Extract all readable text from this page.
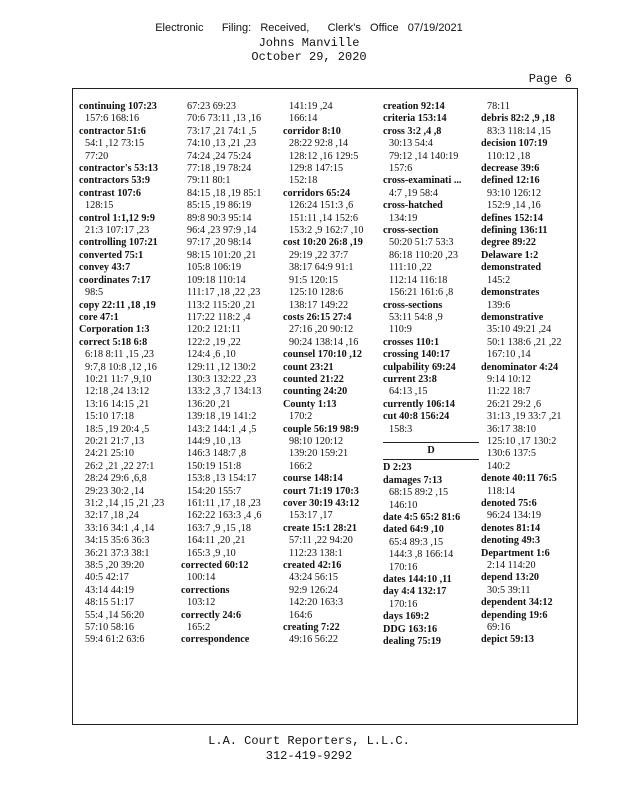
Electronic      Filing:   Received,      Clerk's   Office   07/19/2021
Johns Manville
October 29, 2020
Page 6
continuing 107:23
157:6 168:16
contractor 51:6
54:1 ,12 73:15
77:20
contractor's 53:13
contractors 53:9
contrast 107:6
128:15
control 1:1,12 9:9
21:3 107:17 ,23
controlling 107:21
converted 75:1
convey 43:7
coordinates 7:17
98:5
copy 22:11 ,18 ,19
core 47:1
Corporation 1:3
correct 5:18 6:8
6:18 8:11 ,15 ,23
9:7,8 10:8 ,12 ,16
10:21 11:7 ,9,10
12:18 ,24 13:12
13:16 14:15 ,21
15:10 17:18
18:5 ,19 20:4 ,5
20:21 21:7 ,13
24:21 25:10
26:2 ,21 ,22 27:1
28:24 29:6 ,6,8
29:23 30:2 ,14
31:2 ,14 ,15 ,21 ,23
32:17 ,18 ,24
33:16 34:1 ,4 ,14
34:15 35:6 36:3
36:21 37:3 38:1
38:5 ,20 39:20
40:5 42:17
43:14 44:19
48:15 51:17
55:4 ,14 56:20
57:10 58:16
59:4 61:2 63:6
67:23 69:23
70:6 73:11 ,13 ,16
73:17 ,21 74:1 ,5
74:10 ,13 ,21 ,23
74:24 ,24 75:24
77:18 ,19 78:24
79:11 80:1
84:15 ,18 ,19 85:1
85:15 ,19 86:19
89:8 90:3 95:14
96:4 ,23 97:9 ,14
97:17 ,20 98:14
98:15 101:20 ,21
105:8 106:19
109:18 110:14
111:17 ,18 ,22 ,23
113:2 115:20 ,21
117:22 118:2 ,4
120:2 121:11
122:2 ,19 ,22
124:4 ,6 ,10
129:11 ,12 130:2
130:3 132:22 ,23
133:2 ,3 ,7 134:13
136:20 ,21
139:18 ,19 141:2
143:2 144:1 ,4 ,5
144:9 ,10 ,13
146:3 148:7 ,8
150:19 151:8
153:8 ,13 154:17
154:20 155:7
161:11 ,17 ,18 ,23
162:22 163:3 ,4 ,6
163:7 ,9 ,15 ,18
164:11 ,20 ,21
165:3 ,9 ,10
corrected 60:12
100:14
corrections
103:12
correctly 24:6
165:2
correspondence
141:19 ,24
166:14
corridor 8:10
28:22 92:8 ,14
128:12 ,16 129:5
129:8 147:15
152:18
corridors 65:24
126:24 151:3 ,6
151:11 ,14 152:6
153:2 ,9 162:7 ,10
cost 10:20 26:8 ,19
29:19 ,22 37:7
38:17 64:9 91:1
91:5 120:15
125:10 128:6
138:17 149:22
costs 26:15 27:4
27:16 ,20 90:12
90:24 138:14 ,16
counsel 170:10 ,12
count 23:21
counted 21:22
counting 24:20
County 1:13
170:2
couple 56:19 98:9
98:10 120:12
139:20 159:21
166:2
course 148:14
court 71:19 170:3
cover 30:19 43:12
153:17 ,17
create 15:1 28:21
57:11 ,22 94:20
112:23 138:1
created 42:16
43:24 56:15
92:9 126:24
142:20 163:3
164:6
creating 7:22
49:16 56:22
creation 92:14
criteria 153:14
cross 3:2 ,4 ,8
30:13 54:4
79:12 ,14 140:19
157:6
cross-examinati ...
4:7 ,19 58:4
cross-hatched
134:19
cross-section
50:20 51:7 53:3
86:18 110:20 ,23
111:10 ,22
112:14 116:18
156:21 161:6 ,8
cross-sections
53:11 54:8 ,9
110:9
crosses 110:1
crossing 140:17
culpability 69:24
current 23:8
64:13 ,15
currently 106:14
cut 40:8 156:24
158:3
D
D 2:23
damages 7:13
68:15 89:2 ,15
146:10
date 4:5 65:2 81:6
dated 64:9 ,10
65:4 89:3 ,15
144:3 ,8 166:14
170:16
dates 144:10 ,11
day 4:4 132:17
170:16
days 169:2
DDG 163:16
dealing 75:19
78:11
debris 82:2 ,9 ,18
83:3 118:14 ,15
decision 107:19
110:12 ,18
decrease 39:6
defined 12:16
93:10 126:12
152:9 ,14 ,16
defines 152:14
defining 136:11
degree 89:22
Delaware 1:2
demonstrated
145:2
demonstrates
139:6
demonstrative
35:10 49:21 ,24
50:1 138:6 ,21 ,22
167:10 ,14
denominator 4:24
9:14 10:12
11:22 18:7
26:21 29:2 ,6
31:13 ,19 33:7 ,21
36:17 38:10
125:10 ,17 130:2
130:6 137:5
140:2
denote 40:11 76:5
118:14
denoted 75:6
96:24 134:19
denotes 81:14
denoting 49:3
Department 1:6
2:14 114:20
depend 13:20
30:5 39:11
dependent 34:12
depending 19:6
69:16
depict 59:13
L.A. Court Reporters, L.L.C.
312-419-9292
